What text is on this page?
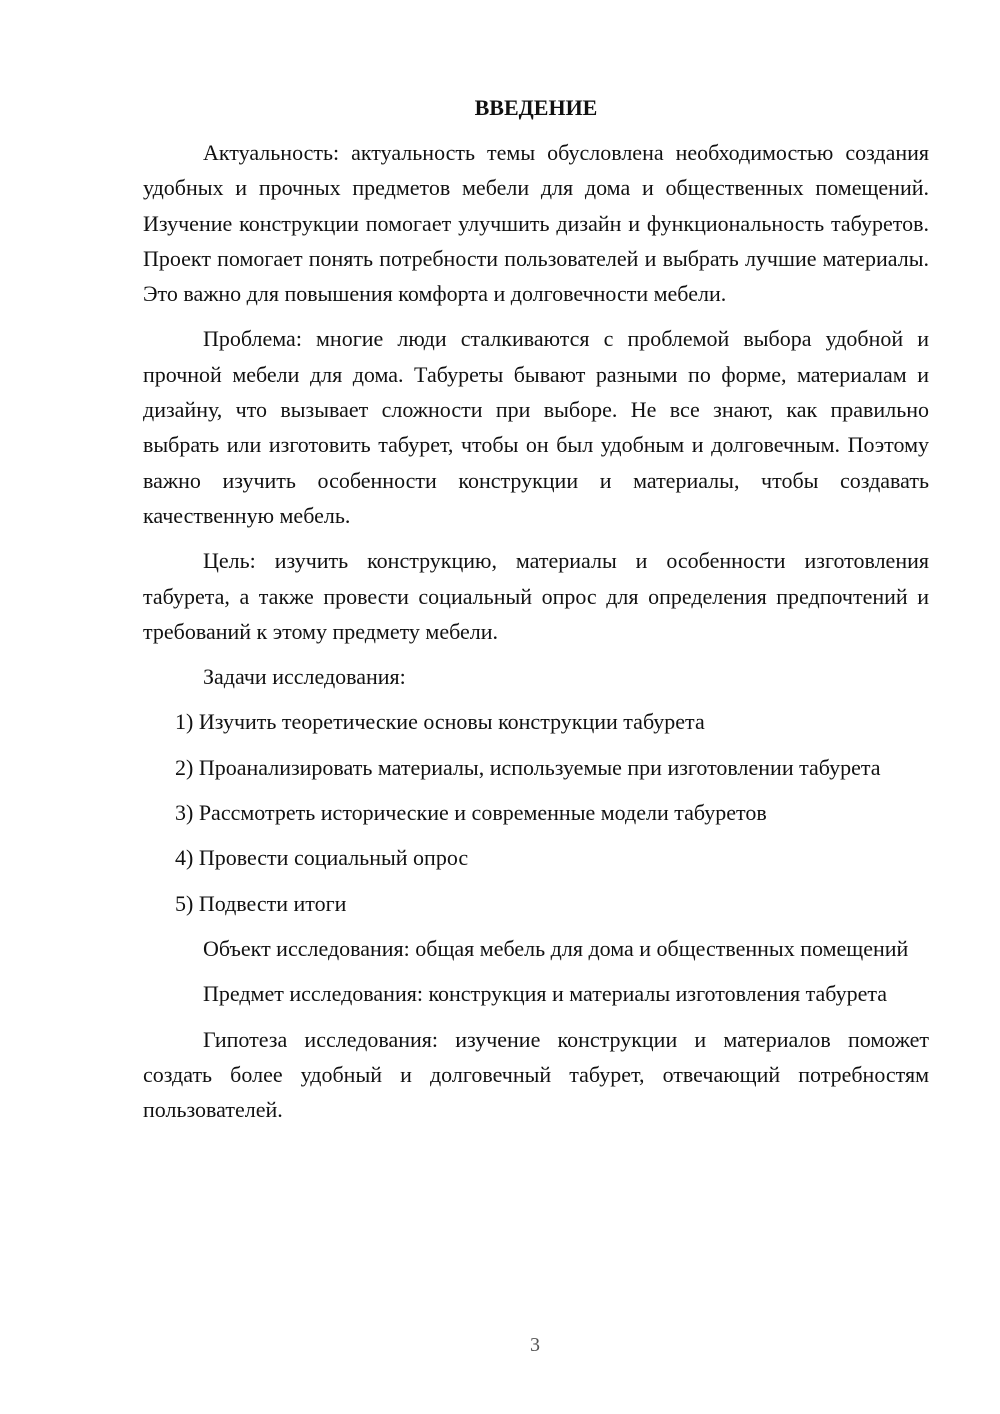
ВВЕДЕНИЕ

Актуальность: актуальность темы обусловлена необходимостью создания удобных и прочных предметов мебели для дома и общественных помещений. Изучение конструкции помогает улучшить дизайн и функциональность табуретов. Проект помогает понять потребности пользователей и выбрать лучшие материалы. Это важно для повышения комфорта и долговечности мебели.

Проблема: многие люди сталкиваются с проблемой выбора удобной и прочной мебели для дома. Табуреты бывают разными по форме, материалам и дизайну, что вызывает сложности при выборе. Не все знают, как правильно выбрать или изготовить табурет, чтобы он был удобным и долговечным. Поэтому важно изучить особенности конструкции и материалы, чтобы создавать качественную мебель.

Цель: изучить конструкцию, материалы и особенности изготовления табурета, а также провести социальный опрос для определения предпочтений и требований к этому предмету мебели.

Задачи исследования:

1) Изучить теоретические основы конструкции табурета

2) Проанализировать материалы, используемые при изготовлении табурета

3) Рассмотреть исторические и современные модели табуретов

4) Провести социальный опрос

5) Подвести итоги

Объект исследования: общая мебель для дома и общественных помещений

Предмет исследования: конструкция и материалы изготовления табурета

Гипотеза исследования: изучение конструкции и материалов поможет создать более удобный и долговечный табурет, отвечающий потребностям пользователей.

3
